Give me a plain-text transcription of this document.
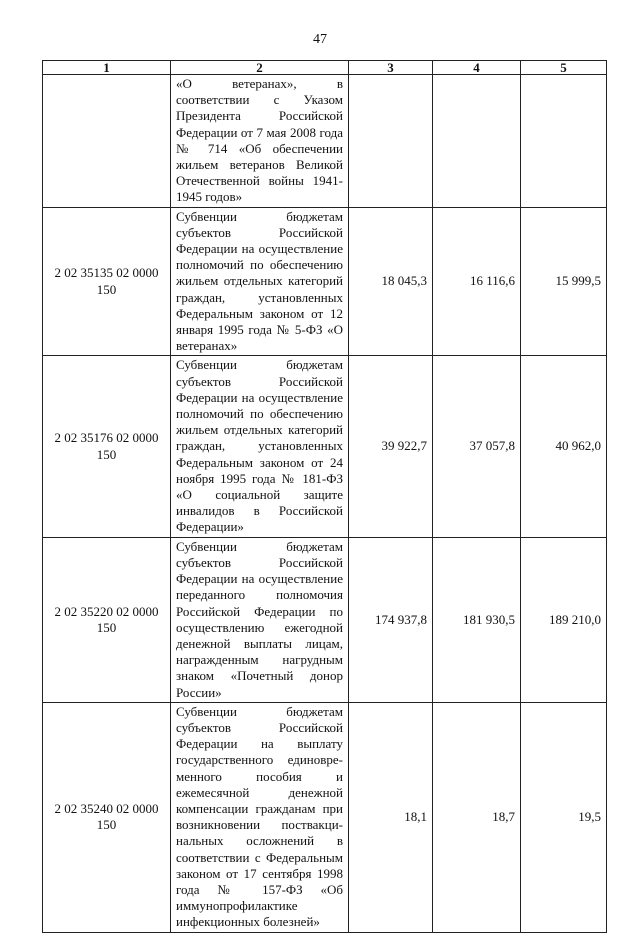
47
1	2	3	4	5
	«О ветеранах», в соответствии с Указом Президента Российской Федерации от 7 мая 2008 года № 714 «Об обеспечении жильем ветеранов Великой Отечественной войны 1941-1945 годов»			
2 02 35135 02 0000 150	Субвенции бюджетам субъектов Российской Федерации на осуществление полномочий по обеспечению жильем отдельных категорий граждан, установленных Федеральным законом от 12 января 1995 года № 5-ФЗ «О ветеранах»	18 045,3	16 116,6	15 999,5
2 02 35176 02 0000 150	Субвенции бюджетам субъектов Российской Федерации на осуществление полномочий по обеспечению жильем отдельных категорий граждан, установленных Федеральным законом от 24 ноября 1995 года № 181-ФЗ «О социальной защите инвалидов в Российской Федерации»	39 922,7	37 057,8	40 962,0
2 02 35220 02 0000 150	Субвенции бюджетам субъектов Российской Федерации на осуществление переданного полномочия Российской Федерации по осуществлению ежегодной денежной выплаты лицам, награжденным нагрудным знаком «Почетный донор России»	174 937,8	181 930,5	189 210,0
2 02 35240 02 0000 150	Субвенции бюджетам субъектов Российской Федерации на выплату государственного единовре-менного пособия и ежемесячной денежной компенсации гражданам при возникновении поствакци-нальных осложнений в соответствии с Федеральным законом от 17 сентября 1998 года № 157-ФЗ «Об иммунопрофилактике инфекционных болезней»	18,1	18,7	19,5
